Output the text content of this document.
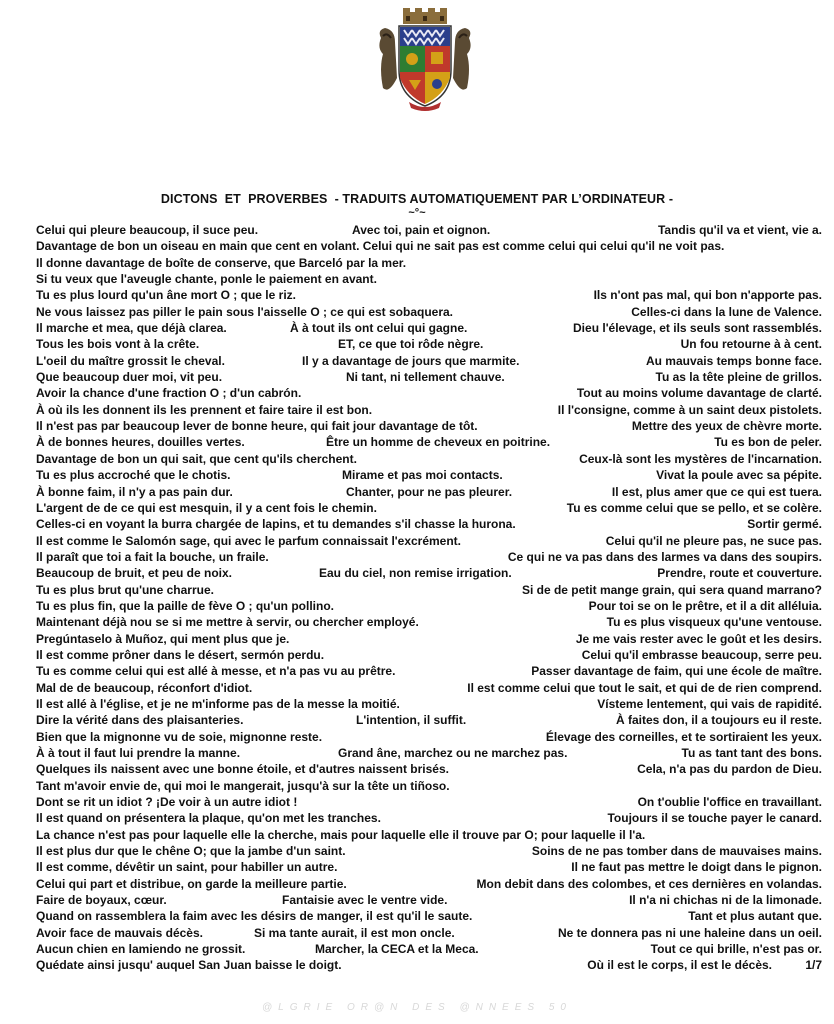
DICTONS  ET  PROVERBES  - TRADUITS AUTOMATIQUEMENT PAR L’ORDINATEUR -
~°~
Celui qui pleure beaucoup, il suce peu.	Avec toi, pain et oignon.	Tandis qu'il va et vient, vie a.
Davantage de bon un oiseau en main que cent en volant. Celui qui ne sait pas est comme celui qui celui qu'il ne voit pas.
Il donne davantage de boîte de conserve, que Barceló par la mer.
Si tu veux que l'aveugle chante, ponle le paiement en avant.
Tu es plus lourd qu'un âne mort O ; que le riz.	Ils n'ont pas mal, qui bon n'apporte pas.
Ne vous laissez pas piller le pain sous l'aisselle O ; ce qui est sobaquera.	Celles-ci dans la lune de Valence.
Il marche et mea, que déjà clarea.	À à tout ils ont celui qui gagne.	Dieu l'élevage, et ils seuls sont rassemblés.
Tous les bois vont à la crête.	ET, ce que toi rôde nègre.	Un fou retourne à à cent.
L'oeil du maître grossit le cheval.	Il y a davantage de jours que marmite.	Au mauvais temps bonne face.
Que beaucoup duer moi, vit peu.	Ni tant, ni tellement chauve.	Tu as la tête pleine de grillos.
Avoir la chance d'une fraction O ; d'un cabrón.	Tout au moins volume davantage de clarté.
À où ils les donnent ils les prennent et faire taire il est bon.	Il l'consigne, comme à un saint deux pistolets.
Il n'est pas par beaucoup lever de bonne heure, qui fait jour davantage de tôt.	Mettre des yeux de chèvre morte.
À de bonnes heures, douilles vertes.	Être un homme de cheveux en poitrine.	Tu es bon de peler.
Davantage de bon un qui sait, que cent qu'ils cherchent.	Ceux-là sont les mystères de l'incarnation.
Tu es plus accroché que le chotis.	Mirame et pas moi contacts.	Vivat la poule avec sa pépite.
À bonne faim, il n'y a pas pain dur.	Chanter, pour ne pas pleurer.	Il est, plus amer que ce qui est tuera.
L'argent de de ce qui est mesquin, il y a cent fois le chemin.	Tu es comme celui que se pello, et se colère.
Celles-ci en voyant la burra chargée de lapins, et tu demandes s'il chasse la hurona.	Sortir germé.
Il est comme le Salomón sage, qui avec le parfum connaissait l'excrément.	Celui qu'il ne pleure pas, ne suce pas.
Il paraît que toi a fait la bouche, un fraile.	Ce qui ne va pas dans des larmes va dans des soupirs.
Beaucoup de bruit, et peu de noix.	Eau du ciel, non remise irrigation.	Prendre, route et couverture.
Tu es plus brut qu'une charrue.	Si de de petit mange grain, qui sera quand marrano?
Tu es plus fin, que la paille de fève O ; qu'un pollino.	Pour toi se on le prêtre, et il a dit alléluia.
Maintenant déjà nou se si me mettre à servir, ou chercher employé.	Tu es plus visqueux qu'une ventouse.
Pregúntaselo à Muñoz, qui ment plus que je.	Je me vais rester avec le goût et les desirs.
Il est comme prôner dans le désert, sermón perdu.	Celui qu'il embrasse beaucoup, serre peu.
Tu es comme celui qui est allé à messe, et n'a pas vu au prêtre.	Passer davantage de faim, qui une école de maître.
Mal de de beaucoup, réconfort d'idiot.	Il est comme celui que tout le sait, et qui de de rien comprend.
Il est allé à l'église, et je ne m'informe pas de la messe la moitié.	Vísteme lentement, qui vais de rapidité.
Dire la vérité dans des plaisanteries.	L'intention, il suffit.	À faites don, il a toujours eu il reste.
Bien que la mignonne vu de soie, mignonne reste.	Élevage des corneilles, et te sortiraient les yeux.
À à tout il faut lui prendre la manne.	Grand âne, marchez ou ne marchez pas.	Tu as tant tant des bons.
Quelques ils naissent avec une bonne étoile, et d'autres naissent brisés.	Cela, n'a pas du pardon de Dieu.
Tant m'avoir envie de, qui moi le mangerait, jusqu'à sur la tête un tiñoso.
Dont se rit un idiot ? ¡De voir à un autre idiot !	On t'oublie l'office en travaillant.
Il est quand on présentera la plaque, qu'on met les tranches.	Toujours il se touche payer le canard.
La chance n'est pas pour laquelle elle la cherche, mais pour laquelle elle il trouve par O; pour laquelle il l'a.
Il est plus dur que le chêne O; que la jambe d'un saint.	Soins de ne pas tomber dans de mauvaises mains.
Il est comme, dévêtir un saint, pour habiller un autre.	Il ne faut pas mettre le doigt dans le pignon.
Celui qui part et distribue, on garde la meilleure partie.	Mon debit dans des colombes, et ces dernières en volandas.
Faire de boyaux, cœur.	Fantaisie avec le ventre vide.	Il n'a ni chichas ni de la limonade.
Quand on rassemblera la faim avec les désirs de manger, il est qu'il le saute.	Tant et plus autant que.
Avoir face de mauvais décès.	Si ma tante aurait, il est mon oncle.	Ne te donnera pas ni une haleine dans un oeil.
Aucun chien en lamiendo ne grossit.	Marcher, la CECA et la Meca.	Tout ce qui brille, n'est pas or.
Quédate ainsi jusqu' auquel San Juan baisse le doigt.	Où il est le corps, il est le décès.	1/7
@LGRIE OR@N DES @NNEES 50
